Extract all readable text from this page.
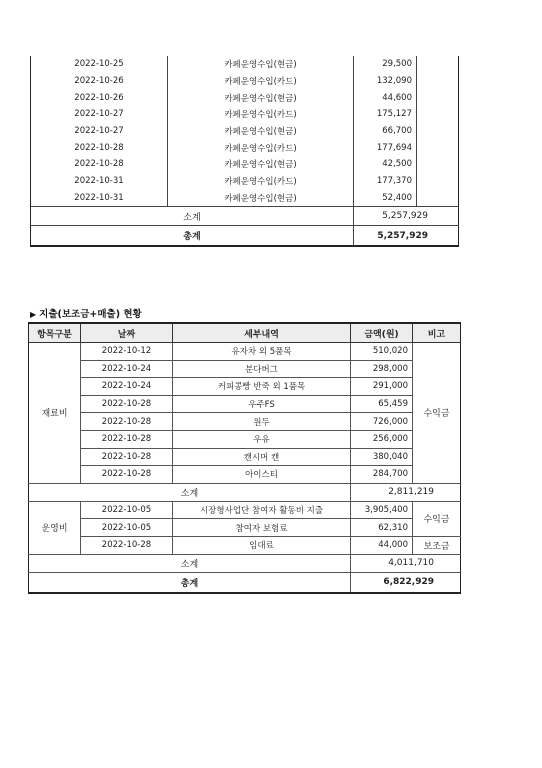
2022-10-25	카페운영수입(현금)	29,500	
2022-10-26	카페운영수입(카드)	132,090	
2022-10-26	카페운영수입(현금)	44,600	
2022-10-27	카페운영수입(카드)	175,127	
2022-10-27	카페운영수입(현금)	66,700	
2022-10-28	카페운영수입(카드)	177,694	
2022-10-28	카페운영수입(현금)	42,500	
2022-10-31	카페운영수입(카드)	177,370	
2022-10-31	카페운영수입(현금)	52,400	
소계		5,257,929	
총계		5,257,929	
▶ 지출(보조금+매출) 현황
항목구분	날짜	세부내역	금액(원)	비고
재료비	2022-10-12	유자차 외 5품목	510,020	수익금
	2022-10-24	분다버그	298,000	
	2022-10-24	커피콩빵 반죽 외 1품목	291,000	
	2022-10-28	우주FS	65,459	
	2022-10-28	원두	726,000	
	2022-10-28	우유	256,000	
	2022-10-28	캔시머 캔	380,040	
	2022-10-28	아이스티	284,700	
소계			2,811,219	
운영비	2022-10-05	시장형사업단 참여자 활동비 지출	3,905,400	수익금
	2022-10-05	참여자 보험료	62,310	
	2022-10-28	임대료	44,000	보조금
소계			4,011,710	
총계			6,822,929	
